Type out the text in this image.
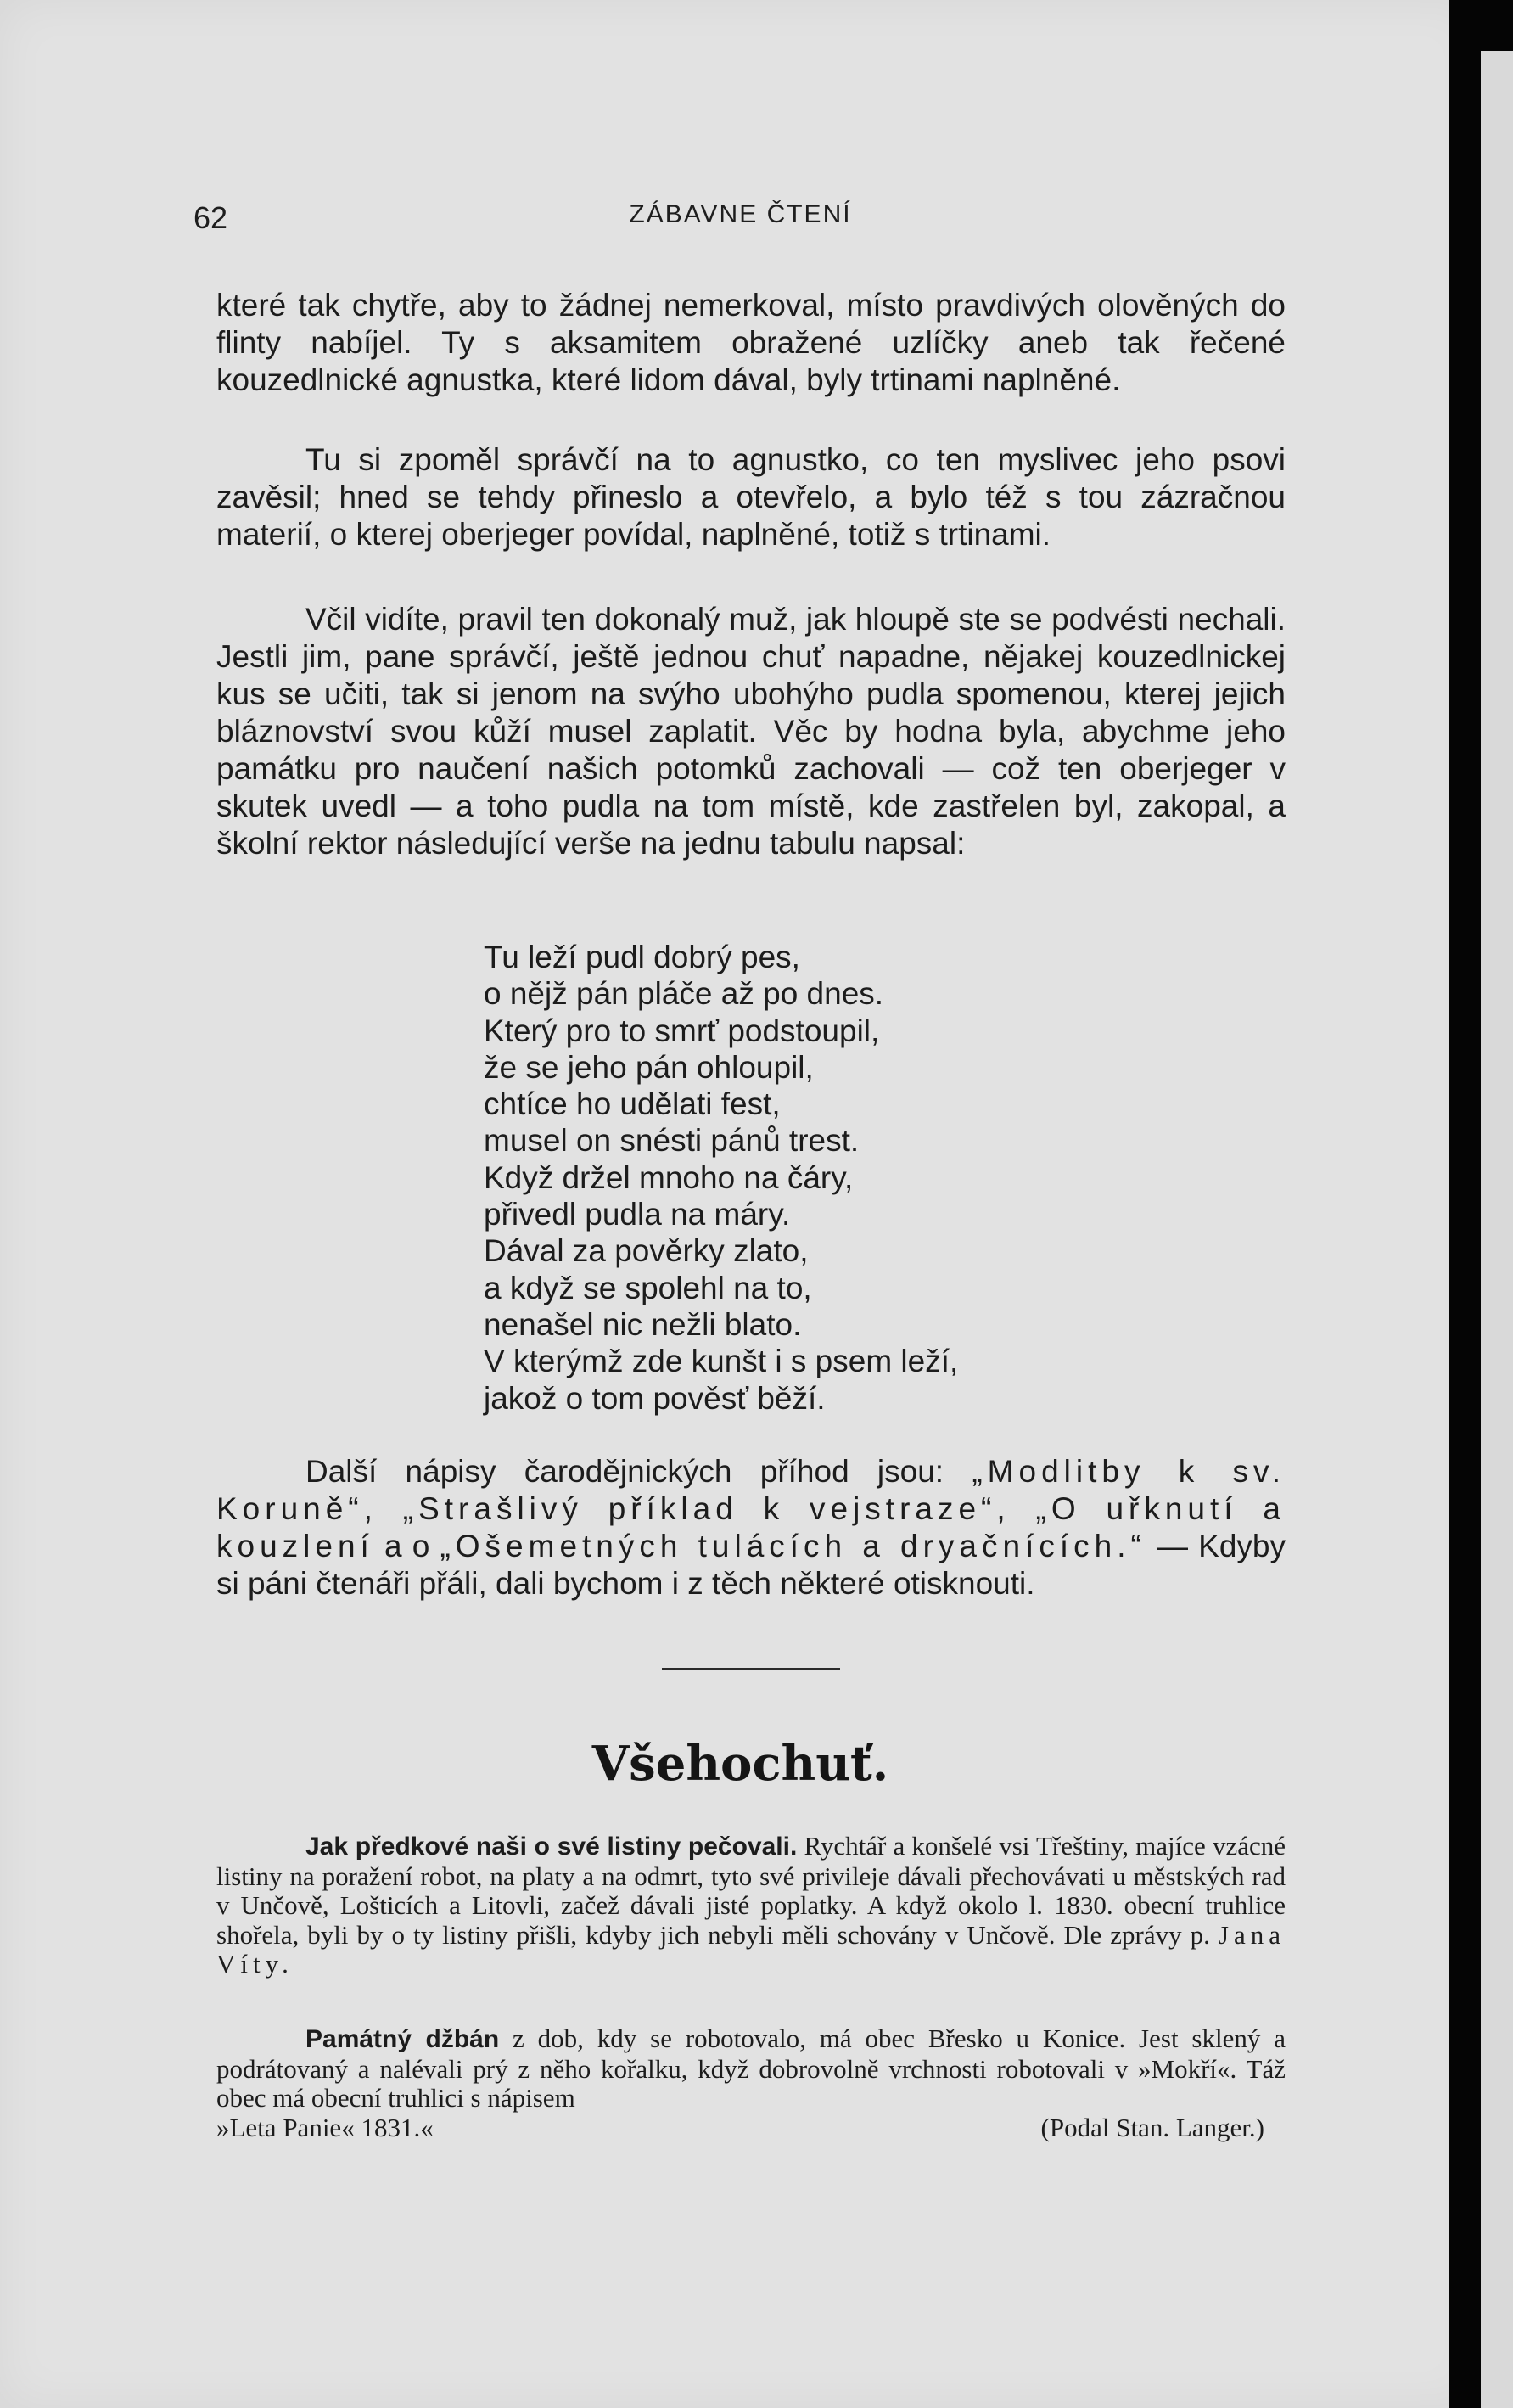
62	ZÁBAVNE ČTENÍ

které tak chytře, aby to žádnej nemerkoval, místo pravdivých olověných do flinty nabíjel. Ty s aksamitem obražené uzlíčky aneb tak řečené kouzedlnické agnustka, které lidom dával, byly trtinami naplněné.

Tu si zpoměl správčí na to agnustko, co ten myslivec jeho psovi zavěsil; hned se tehdy přineslo a otevřelo, a bylo též s tou zázračnou materií, o kterej oberjeger povídal, naplněné, totiž s trtinami.

Včil vidíte, pravil ten dokonalý muž, jak hloupě ste se podvésti nechali. Jestli jim, pane správčí, ještě jednou chuť napadne, nějakej kouzedlnickej kus se učiti, tak si jenom na svýho ubohýho pudla spomenou, kterej jejich bláznovství svou kůží musel zaplatit. Věc by hodna byla, abychme jeho památku pro naučení našich potomků zachovali — což ten oberjeger v skutek uvedl — a toho pudla na tom místě, kde zastřelen byl, zakopal, a školní rektor následující verše na jednu tabulu napsal:

Tu leží pudl dobrý pes,
o nějž pán pláče až po dnes.
Který pro to smrť podstoupil,
že se jeho pán ohloupil,
chtíce ho udělati fest,
musel on snésti pánů trest.
Když držel mnoho na čáry,
přivedl pudla na máry.
Dával za pověrky zlato,
a když se spolehl na to,
nenašel nic nežli blato.
V kterýmž zde kunšt i s psem leží,
jakož o tom pověsť běží.

Další nápisy čarodějnických příhod jsou: „Modlitby k sv. Koruně“, „Strašlivý příklad k vejstraze“, „O uřknutí a kouzlení a o „Ošemetných tulácích a dryačnících.“ — Kdyby si páni čtenáři přáli, dali bychom i z těch některé otisknouti.

Všehochuť.

Jak předkové naši o své listiny pečovali. Rychtář a konšelé vsi Třeštiny, majíce vzácné listiny na poražení robot, na platy a na odmrt, tyto své privileje dávali přechovávati u městských rad v Unčově, Lošticích a Litovli, začež dávali jisté poplatky. A když okolo l. 1830. obecní truhlice shořela, byli by o ty listiny přišli, kdyby jich nebyli měli schovány v Unčově. Dle zprávy p. Jana Víty.

Památný džbán z dob, kdy se robotovalo, má obec Břesko u Konice. Jest sklený a podrátovaný a nalévali prý z něho kořalku, když dobrovolně vrchnosti robotovali v »Mokří«. Táž obec má obecní truhlici s nápisem

»Leta Panie« 1831.«	(Podal Stan. Langer.)
